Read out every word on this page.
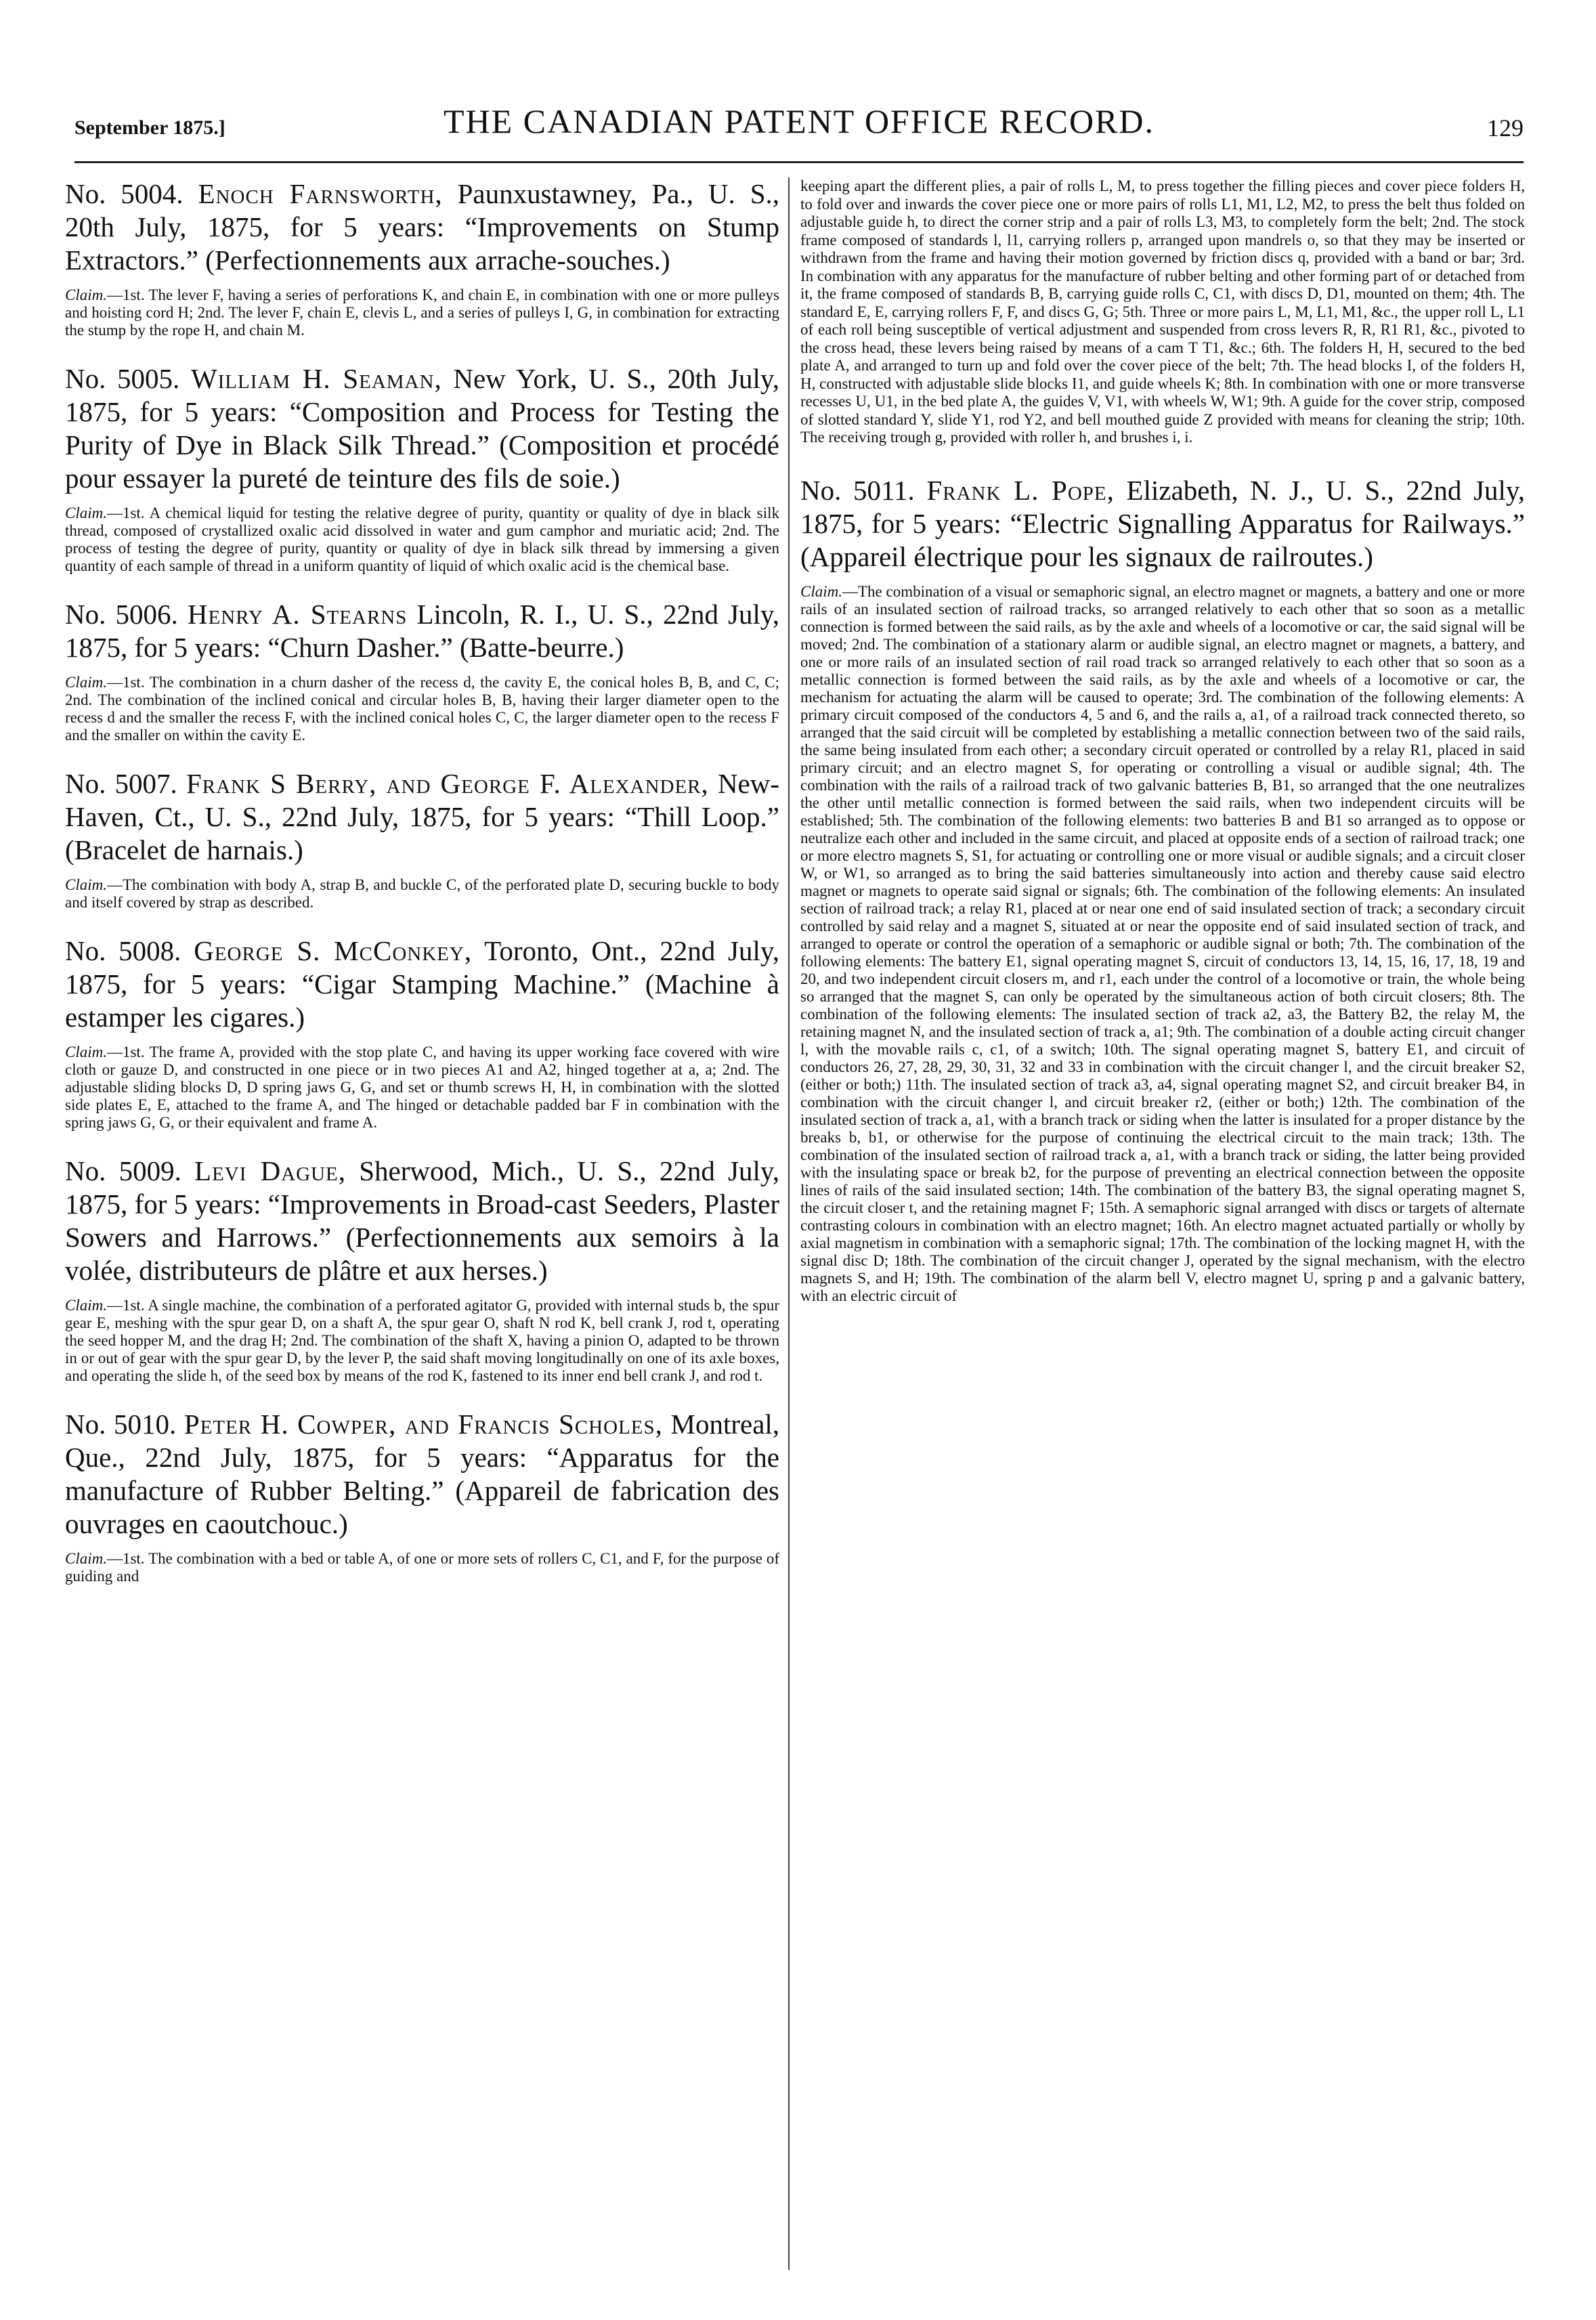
September 1875.]	THE CANADIAN PATENT OFFICE RECORD.	129

No. 5004. Enoch Farnsworth, Paunxustawney, Pa., U. S., 20th July, 1875, for 5 years: “Improvements on Stump Extractors.” (Perfectionnements aux arrache-souches.)

Claim.—1st. The lever F, having a series of perforations K, and chain E, in combination with one or more pulleys and hoisting cord H; 2nd. The lever F, chain E, clevis L, and a series of pulleys I, G, in combination for extracting the stump by the rope H, and chain M.

No. 5005. William H. Seaman, New York, U. S., 20th July, 1875, for 5 years: “Composition and Process for Testing the Purity of Dye in Black Silk Thread.” (Composition et procédé pour essayer la pureté de teinture des fils de soie.)

Claim.—1st. A chemical liquid for testing the relative degree of purity, quantity or quality of dye in black silk thread, composed of crystallized oxalic acid dissolved in water and gum camphor and muriatic acid; 2nd. The process of testing the degree of purity, quantity or quality of dye in black silk thread by immersing a given quantity of each sample of thread in a uniform quantity of liquid of which oxalic acid is the chemical base.

No. 5006. Henry A. Stearns Lincoln, R. I., U. S., 22nd July, 1875, for 5 years: “Churn Dasher.” (Batte-beurre.)

Claim.—1st. The combination in a churn dasher of the recess d, the cavity E, the conical holes B, B, and C, C; 2nd. The combination of the inclined conical and circular holes B, B, having their larger diameter open to the recess d and the smaller the recess F, with the inclined conical holes C, C, the larger diameter open to the recess F and the smaller on within the cavity E.

No. 5007. Frank S Berry, and George F. Alexander, New-Haven, Ct., U. S., 22nd July, 1875, for 5 years: “Thill Loop.” (Bracelet de harnais.)

Claim.—The combination with body A, strap B, and buckle C, of the perforated plate D, securing buckle to body and itself covered by strap as described.

No. 5008. George S. McConkey, Toronto, Ont., 22nd July, 1875, for 5 years: “Cigar Stamping Machine.” (Machine à estamper les cigares.)

Claim.—1st. The frame A, provided with the stop plate C, and having its upper working face covered with wire cloth or gauze D, and constructed in one piece or in two pieces A1 and A2, hinged together at a, a; 2nd. The adjustable sliding blocks D, D spring jaws G, G, and set or thumb screws H, H, in combination with the slotted side plates E, E, attached to the frame A, and The hinged or detachable padded bar F in combination with the spring jaws G, G, or their equivalent and frame A.

No. 5009. Levi Dague, Sherwood, Mich., U. S., 22nd July, 1875, for 5 years: “Improvements in Broad-cast Seeders, Plaster Sowers and Harrows.” (Perfectionnements aux semoirs à la volée, distributeurs de plâtre et aux herses.)

Claim.—1st. A single machine, the combination of a perforated agitator G, provided with internal studs b, the spur gear E, meshing with the spur gear D, on a shaft A, the spur gear O, shaft N rod K, bell crank J, rod t, operating the seed hopper M, and the drag H; 2nd. The combination of the shaft X, having a pinion O, adapted to be thrown in or out of gear with the spur gear D, by the lever P, the said shaft moving longitudinally on one of its axle boxes, and operating the slide h, of the seed box by means of the rod K, fastened to its inner end bell crank J, and rod t.

No. 5010. Peter H. Cowper, and Francis Scholes, Montreal, Que., 22nd July, 1875, for 5 years: “Apparatus for the manufacture of Rubber Belting.” (Appareil de fabrication des ouvrages en caoutchouc.)

Claim.—1st. The combination with a bed or table A, of one or more sets of rollers C, C1, and F, for the purpose of guiding and

keeping apart the different plies, a pair of rolls L, M, to press together the filling pieces and cover piece folders H, to fold over and inwards the cover piece one or more pairs of rolls L1, M1, L2, M2, to press the belt thus folded on adjustable guide h, to direct the corner strip and a pair of rolls L3, M3, to completely form the belt; 2nd. The stock frame composed of standards l, l1, carrying rollers p, arranged upon mandrels o, so that they may be inserted or withdrawn from the frame and having their motion governed by friction discs q, provided with a band or bar; 3rd. In combination with any apparatus for the manufacture of rubber belting and other forming part of or detached from it, the frame composed of standards B, B, carrying guide rolls C, C1, with discs D, D1, mounted on them; 4th. The standard E, E, carrying rollers F, F, and discs G, G; 5th. Three or more pairs L, M, L1, M1, &c., the upper roll L, L1 of each roll being susceptible of vertical adjustment and suspended from cross levers R, R, R1 R1, &c., pivoted to the cross head, these levers being raised by means of a cam T T1, &c.; 6th. The folders H, H, secured to the bed plate A, and arranged to turn up and fold over the cover piece of the belt; 7th. The head blocks I, of the folders H, H, constructed with adjustable slide blocks I1, and guide wheels K; 8th. In combination with one or more transverse recesses U, U1, in the bed plate A, the guides V, V1, with wheels W, W1; 9th. A guide for the cover strip, composed of slotted standard Y, slide Y1, rod Y2, and bell mouthed guide Z provided with means for cleaning the strip; 10th. The receiving trough g, provided with roller h, and brushes i, i.

No. 5011. Frank L. Pope, Elizabeth, N. J., U. S., 22nd July, 1875, for 5 years: “Electric Signalling Apparatus for Railways.” (Appareil électrique pour les signaux de railroutes.)

Claim.—The combination of a visual or semaphoric signal, an electro magnet or magnets, a battery and one or more rails of an insulated section of railroad tracks, so arranged relatively to each other that so soon as a metallic connection is formed between the said rails, as by the axle and wheels of a locomotive or car, the said signal will be moved; 2nd. The combination of a stationary alarm or audible signal, an electro magnet or magnets, a battery, and one or more rails of an insulated section of rail road track so arranged relatively to each other that so soon as a metallic connection is formed between the said rails, as by the axle and wheels of a locomotive or car, the mechanism for actuating the alarm will be caused to operate; 3rd. The combination of the following elements: A primary circuit composed of the conductors 4, 5 and 6, and the rails a, a1, of a railroad track connected thereto, so arranged that the said circuit will be completed by establishing a metallic connection between two of the said rails, the same being insulated from each other; a secondary circuit operated or controlled by a relay R1, placed in said primary circuit; and an electro magnet S, for operating or controlling a visual or audible signal; 4th. The combination with the rails of a railroad track of two galvanic batteries B, B1, so arranged that the one neutralizes the other until metallic connection is formed between the said rails, when two independent circuits will be established; 5th. The combination of the following elements: two batteries B and B1 so arranged as to oppose or neutralize each other and included in the same circuit, and placed at opposite ends of a section of railroad track; one or more electro magnets S, S1, for actuating or controlling one or more visual or audible signals; and a circuit closer W, or W1, so arranged as to bring the said batteries simultaneously into action and thereby cause said electro magnet or magnets to operate said signal or signals; 6th. The combination of the following elements: An insulated section of railroad track; a relay R1, placed at or near one end of said insulated section of track; a secondary circuit controlled by said relay and a magnet S, situated at or near the opposite end of said insulated section of track, and arranged to operate or control the operation of a semaphoric or audible signal or both; 7th. The combination of the following elements: The battery E1, signal operating magnet S, circuit of conductors 13, 14, 15, 16, 17, 18, 19 and 20, and two independent circuit closers m, and r1, each under the control of a locomotive or train, the whole being so arranged that the magnet S, can only be operated by the simultaneous action of both circuit closers; 8th. The combination of the following elements: The insulated section of track a2, a3, the Battery B2, the relay M, the retaining magnet N, and the insulated section of track a, a1; 9th. The combination of a double acting circuit changer l, with the movable rails c, c1, of a switch; 10th. The signal operating magnet S, battery E1, and circuit of conductors 26, 27, 28, 29, 30, 31, 32 and 33 in combination with the circuit changer l, and the circuit breaker S2, (either or both;) 11th. The insulated section of track a3, a4, signal operating magnet S2, and circuit breaker B4, in combination with the circuit changer l, and circuit breaker r2, (either or both;) 12th. The combination of the insulated section of track a, a1, with a branch track or siding when the latter is insulated for a proper distance by the breaks b, b1, or otherwise for the purpose of continuing the electrical circuit to the main track; 13th. The combination of the insulated section of railroad track a, a1, with a branch track or siding, the latter being provided with the insulating space or break b2, for the purpose of preventing an electrical connection between the opposite lines of rails of the said insulated section; 14th. The combination of the battery B3, the signal operating magnet S, the circuit closer t, and the retaining magnet F; 15th. A semaphoric signal arranged with discs or targets of alternate contrasting colours in combination with an electro magnet; 16th. An electro magnet actuated partially or wholly by axial magnetism in combination with a semaphoric signal; 17th. The combination of the locking magnet H, with the signal disc D; 18th. The combination of the circuit changer J, operated by the signal mechanism, with the electro magnets S, and H; 19th. The combination of the alarm bell V, electro magnet U, spring p and a galvanic battery, with an electric circuit of
